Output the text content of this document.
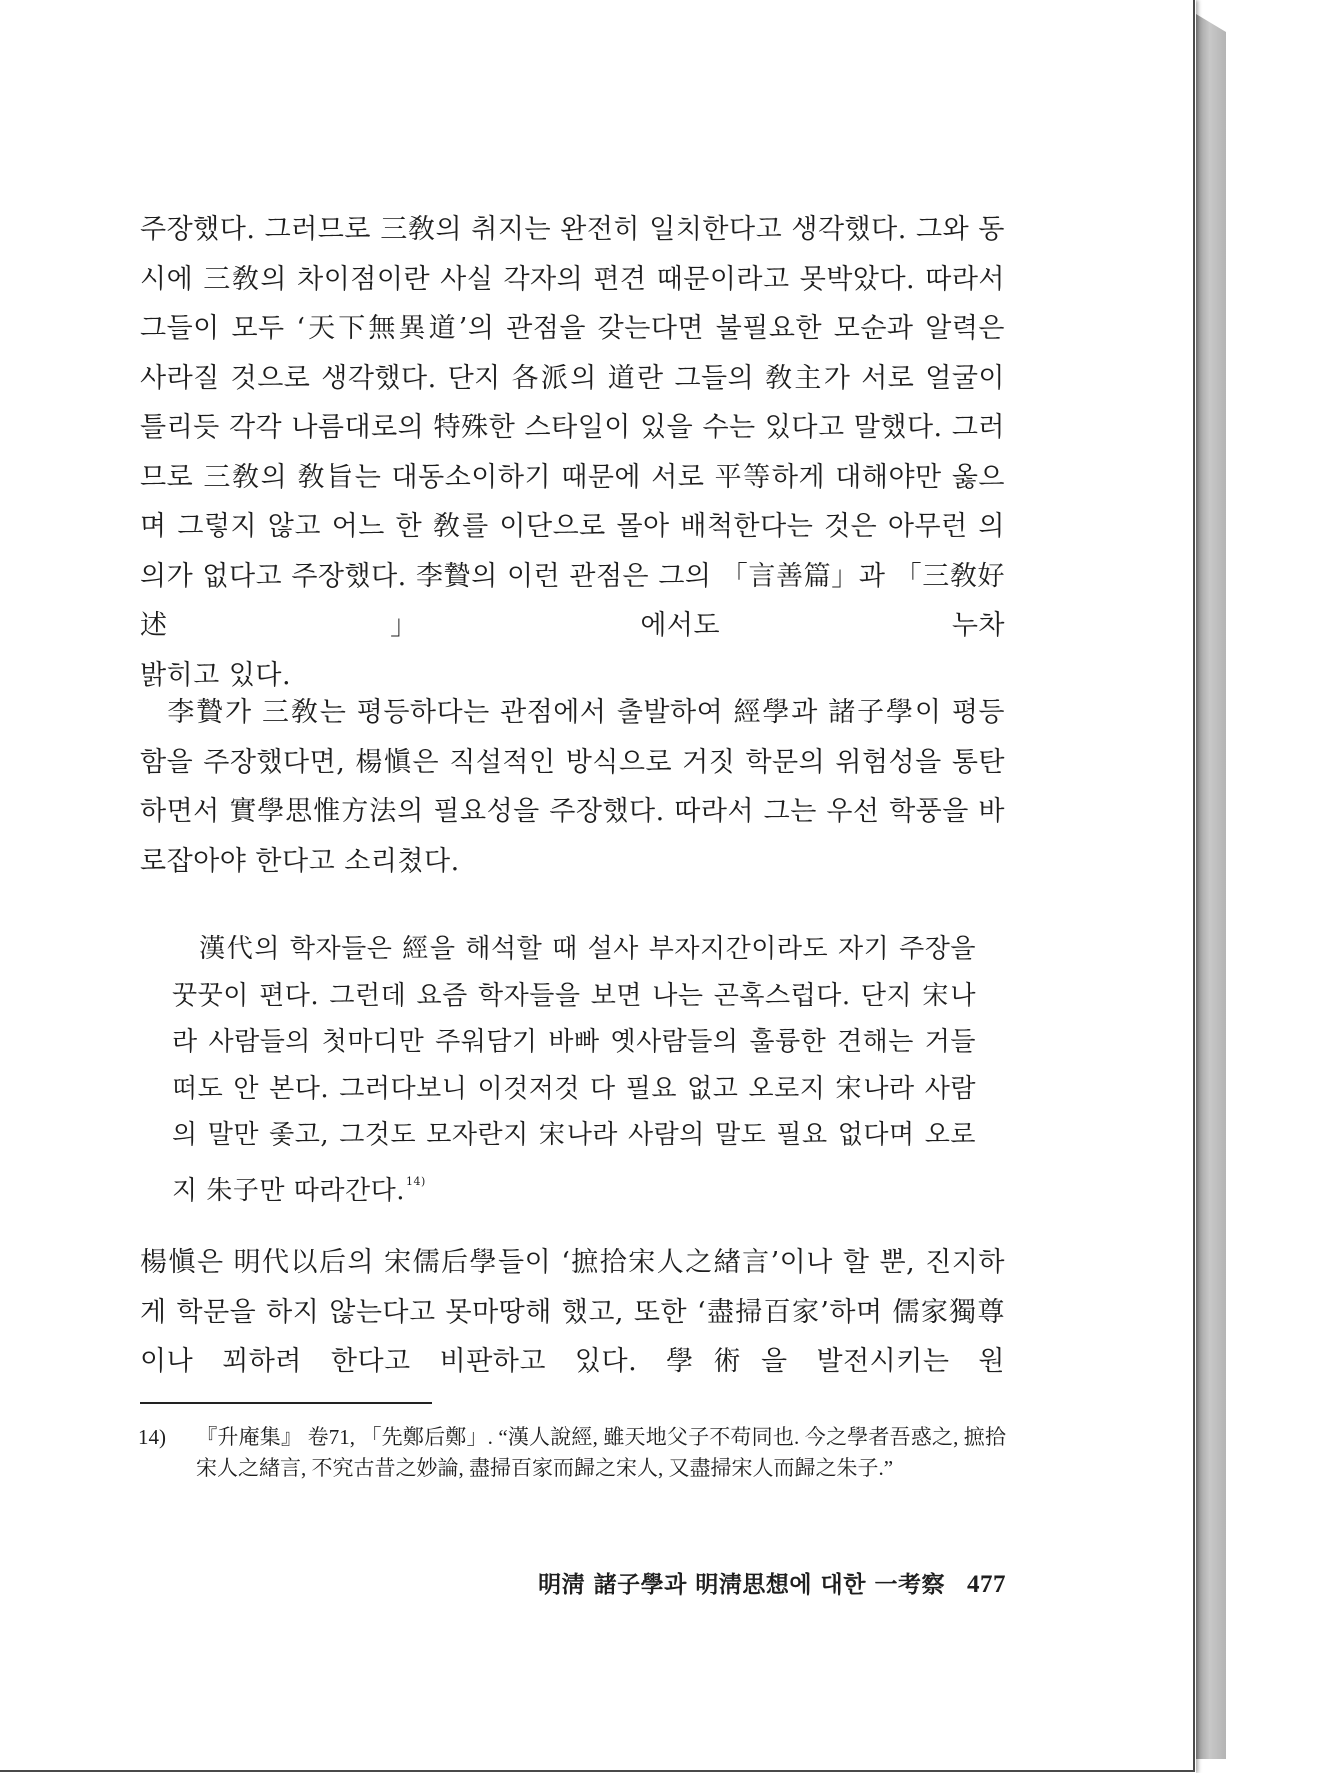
주장했다. 그러므로 三敎의 취지는 완전히 일치한다고 생각했다. 그와 동시에 三敎의 차이점이란 사실 각자의 편견 때문이라고 못박았다. 따라서 그들이 모두 ‘天下無異道’의 관점을 갖는다면 불필요한 모순과 알력은 사라질 것으로 생각했다. 단지 各派의 道란 그들의 敎主가 서로 얼굴이 틀리듯 각각 나름대로의 特殊한 스타일이 있을 수는 있다고 말했다. 그러므로 三敎의 敎旨는 대동소이하기 때문에 서로 平等하게 대해야만 옳으며 그렇지 않고 어느 한 敎를 이단으로 몰아 배척한다는 것은 아무런 의의가 없다고 주장했다. 李贄의 이런 관점은 그의 「言善篇」과 「三敎好述」에서도 누차
밝히고 있다.

李贄가 三敎는 평등하다는 관점에서 출발하여 經學과 諸子學이 평등함을 주장했다면, 楊愼은 직설적인 방식으로 거짓 학문의 위험성을 통탄하면서 實學思惟方法의 필요성을 주장했다. 따라서 그는 우선 학풍을 바로잡아야 한다고 소리쳤다.

漢代의 학자들은 經을 해석할 때 설사 부자지간이라도 자기 주장을 꿋꿋이 편다. 그런데 요즘 학자들을 보면 나는 곤혹스럽다. 단지 宋나라 사람들의 첫마디만 주워담기 바빠 옛사람들의 훌륭한 견해는 거들떠도 안 본다. 그러다보니 이것저것 다 필요 없고 오로지 宋나라 사람의 말만 좇고, 그것도 모자란지 宋나라 사람의 말도 필요 없다며 오로지 朱子만 따라간다.$^{14)}$

楊愼은 明代以后의 宋儒后學들이 ‘摭拾宋人之緖言’이나 할 뿐, 진지하게 학문을 하지 않는다고 못마땅해 했고, 또한 ‘盡掃百家’하며 儒家獨尊이나 꾀하려 한다고 비판하고 있다. 學術을 발전시키는 원

14) 『升庵集』 卷71, 「先鄭后鄭」. “漢人說經, 雖天地父子不苟同也. 今之學者吾惑之, 摭拾宋人之緖言, 不究古昔之妙論, 盡掃百家而歸之宋人, 又盡掃宋人而歸之朱子.”

明淸 諸子學과 明淸思想에 대한 一考察 477
